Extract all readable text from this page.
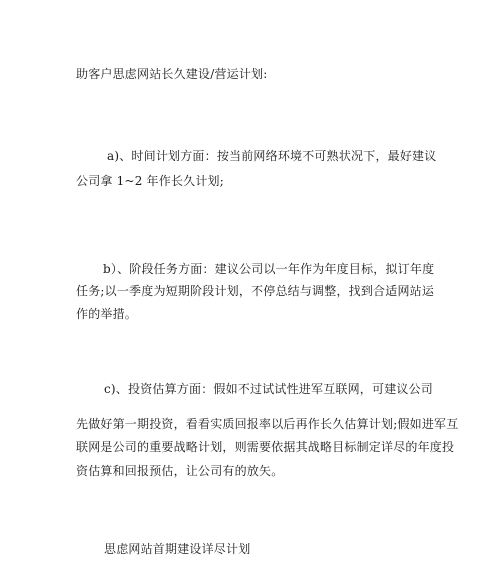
助客户思虑网站长久建设/营运计划:
a)、时间计划方面：按当前网络环境不可熟状况下，最好建议
公司拿 1~2 年作长久计划;
b）、阶段任务方面：建议公司以一年作为年度目标，拟订年度
任务;以一季度为短期阶段计划，不停总结与调整，找到合适网站运
作的举措。
c)、投资估算方面：假如不过试试性进军互联网，可建议公司
先做好第一期投资，看看实质回报率以后再作长久估算计划;假如进军互
联网是公司的重要战略计划，则需要依据其战略目标制定详尽的年度投
资估算和回报预估，让公司有的放矢。
思虑网站首期建设详尽计划
